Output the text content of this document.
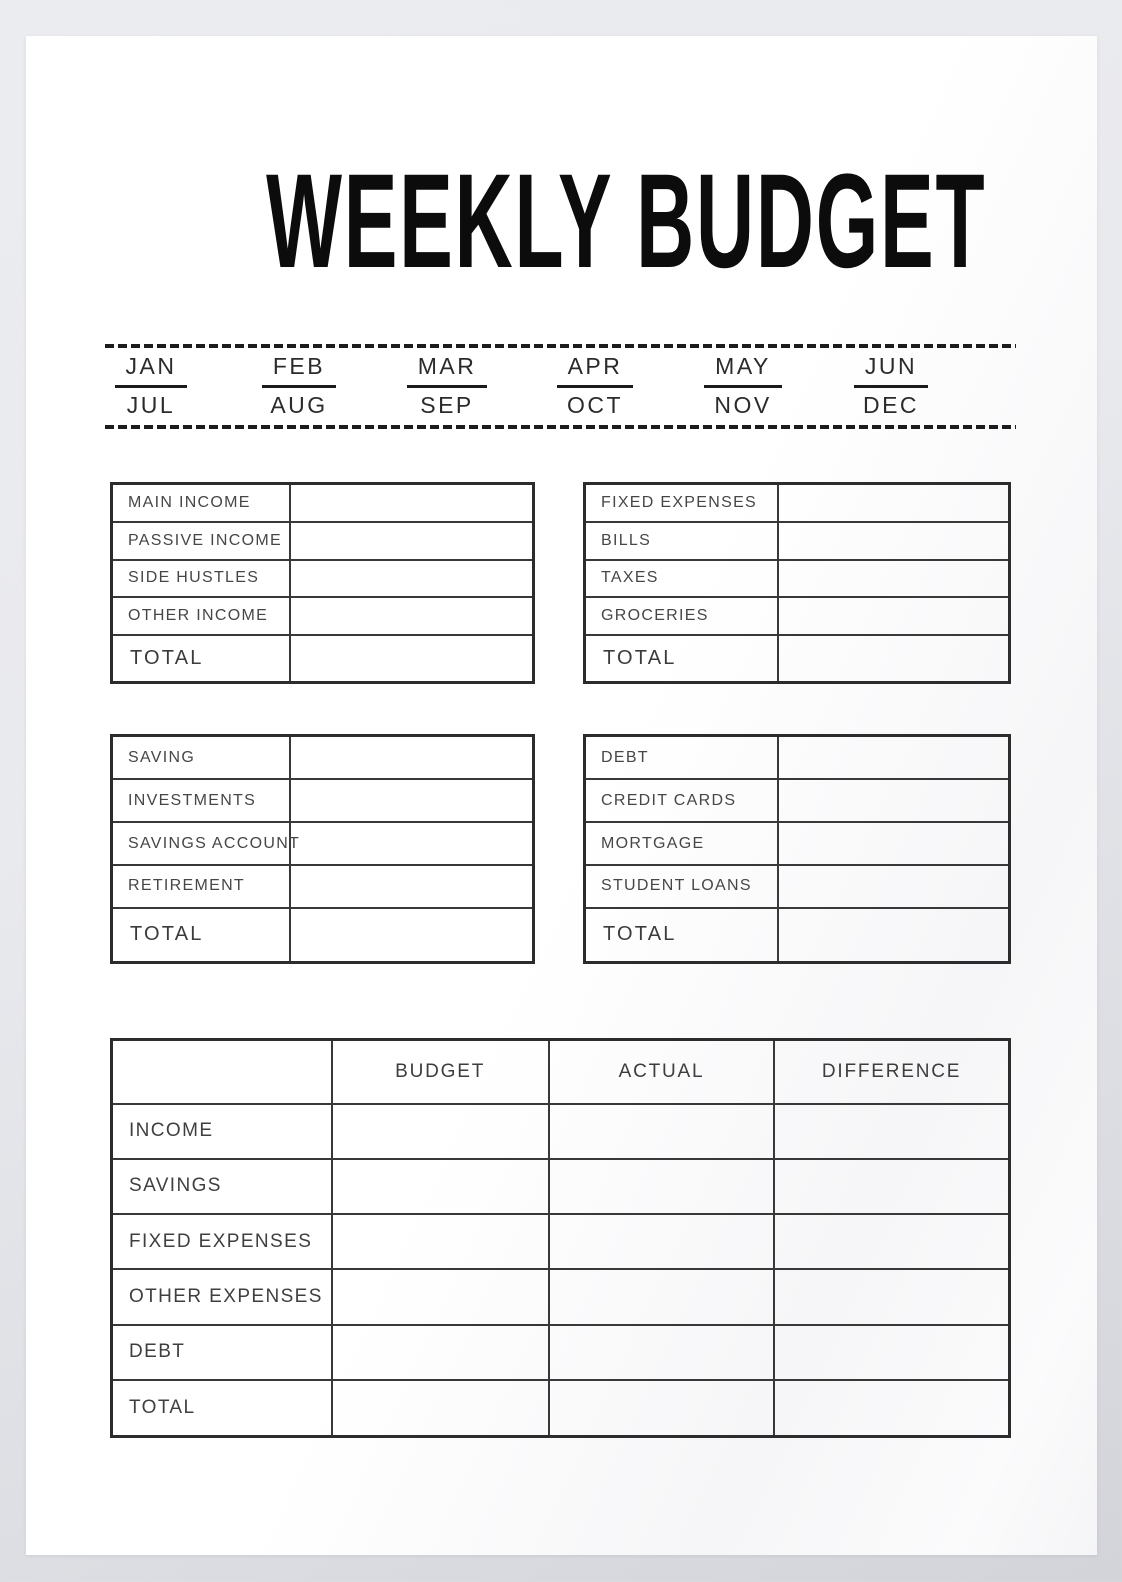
WEEKLY BUDGET
JAN
JUL
FEB
AUG
MAR
SEP
APR
OCT
MAY
NOV
JUN
DEC
MAIN INCOME	
PASSIVE INCOME	
SIDE HUSTLES	
OTHER INCOME	
TOTAL	
FIXED EXPENSES	
BILLS	
TAXES	
GROCERIES	
TOTAL	
SAVING	
INVESTMENTS	
SAVINGS ACCOUNT	
RETIREMENT	
TOTAL	
DEBT	
CREDIT CARDS	
MORTGAGE	
STUDENT LOANS	
TOTAL	
	BUDGET	ACTUAL	DIFFERENCE
INCOME			
SAVINGS			
FIXED EXPENSES			
OTHER EXPENSES			
DEBT			
TOTAL			
